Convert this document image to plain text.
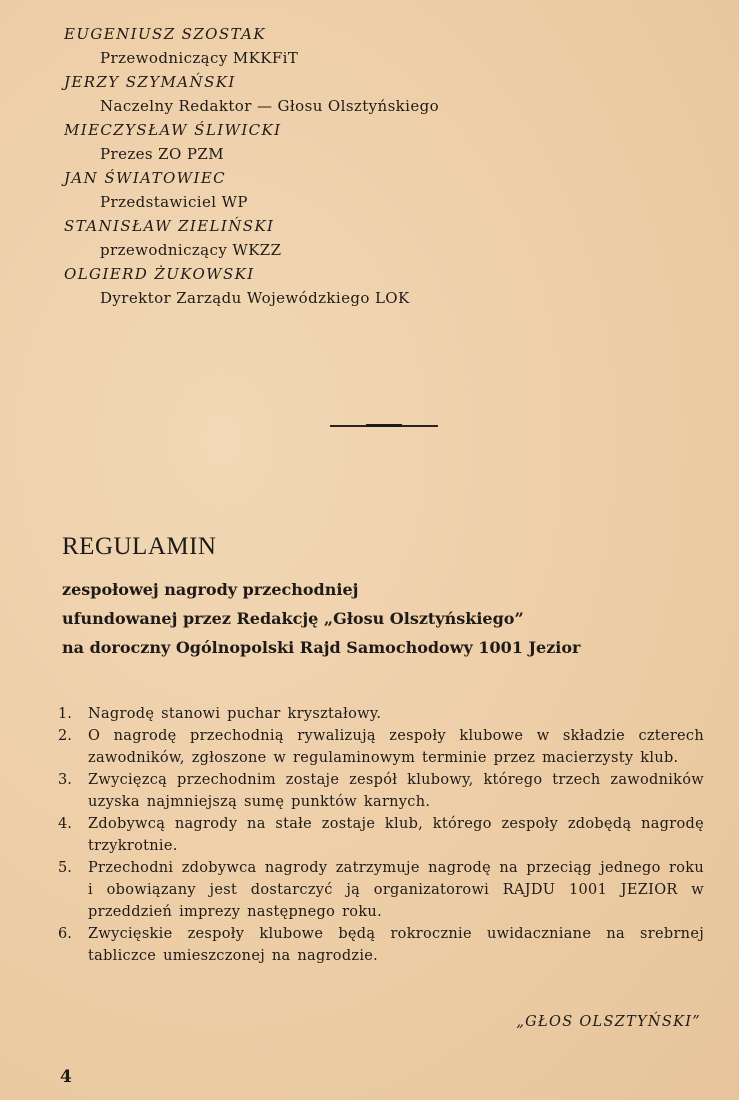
EUGENIUSZ SZOSTAK
Przewodniczący MKKFiT
JERZY SZYMAŃSKI
Naczelny Redaktor — Głosu Olsztyńskiego
MIECZYSŁAW ŚLIWICKI
Prezes ZO PZM
JAN ŚWIATOWIEC
Przedstawiciel WP
STANISŁAW ZIELIŃSKI
przewodniczący WKZZ
OLGIERD ŻUKOWSKI
Dyrektor Zarządu Wojewódzkiego LOK
REGULAMIN
zespołowej nagrody przechodniej
ufundowanej przez Redakcję „Głosu Olsztyńskiego”
na doroczny Ogólnopolski Rajd Samochodowy 1001 Jezior
1.	Nagrodę stanowi puchar kryształowy.
2.	O nagrodę przechodnią rywalizują zespoły klubowe w składzie czterech zawodników, zgłoszone w regulaminowym terminie przez macierzysty klub.
3.	Zwycięzcą przechodnim zostaje zespół klubowy, którego trzech zawodników uzyska najmniejszą sumę punktów karnych.
4.	Zdobywcą nagrody na stałe zostaje klub, którego zespoły zdobędą nagrodę trzykrotnie.
5.	Przechodni zdobywca nagrody zatrzymuje nagrodę na przeciąg jednego roku i obowiązany jest dostarczyć ją organizatorowi RAJDU 1001 JEZIOR w przeddzień imprezy następnego roku.
6.	Zwycięskie zespoły klubowe będą rokrocznie uwidaczniane na srebrnej tabliczce umieszczonej na nagrodzie.
„GŁOS OLSZTYŃSKI”
4
